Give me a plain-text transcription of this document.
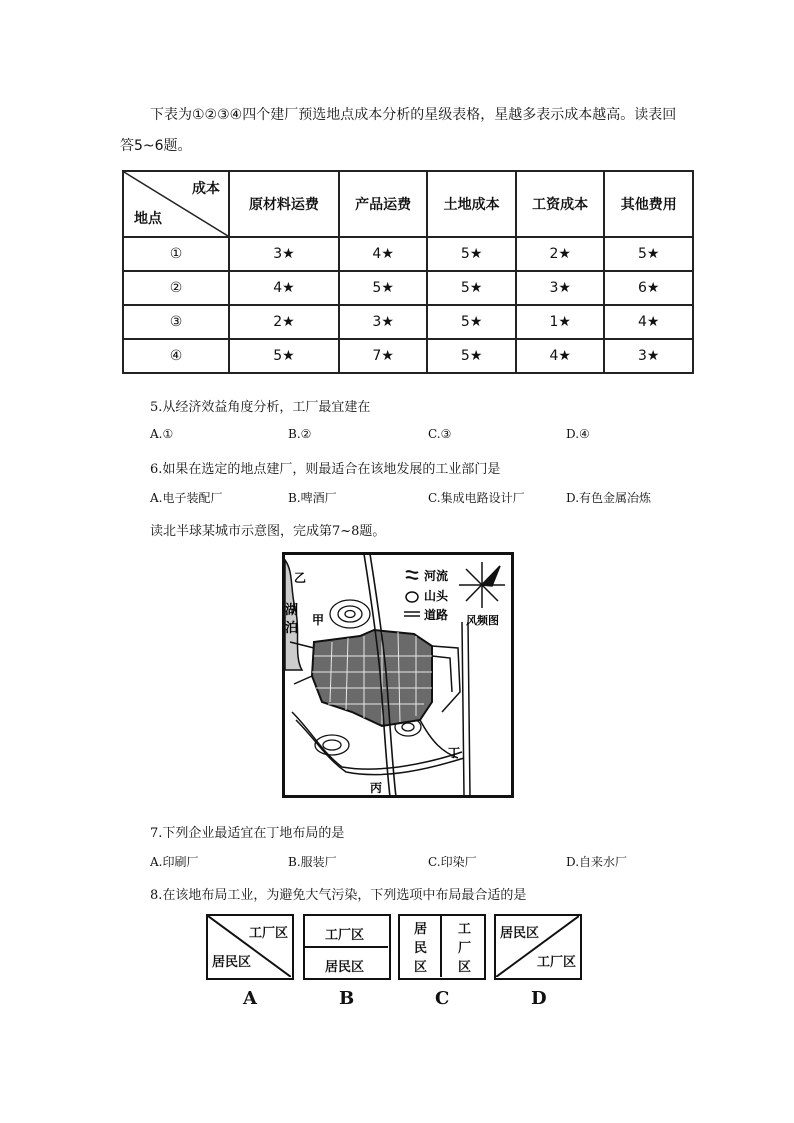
下表为①②③④四个建厂预选地点成本分析的星级表格，星越多表示成本越高。读表回答5~6题。
成本
地点	原材料运费	产品运费	土地成本	工资成本	其他费用
①	3★	4★	5★	2★	5★
②	4★	5★	5★	3★	6★
③	2★	3★	5★	1★	4★
④	5★	7★	5★	4★	3★
5.从经济效益角度分析，工厂最宜建在
A.①	B.②	C.③	D.④
6.如果在选定的地点建厂，则最适合在该地发展的工业部门是
A.电子装配厂	B.啤酒厂	C.集成电路设计厂	D.有色金属冶炼
读北半球某城市示意图，完成第7~8题。
河流
山头
道路 风频图
湖
泊
甲
乙
丙
丁
7.下列企业最适宜在丁地布局的是
A.印刷厂	B.服装厂	C.印染厂	D.自来水厂
8.在该地布局工业，为避免大气污染，下列选项中布局最合适的是
工厂区
居民区
A
工厂区
居民区
B
居
民
区
工
厂
区
C
居民区
工厂区
D
